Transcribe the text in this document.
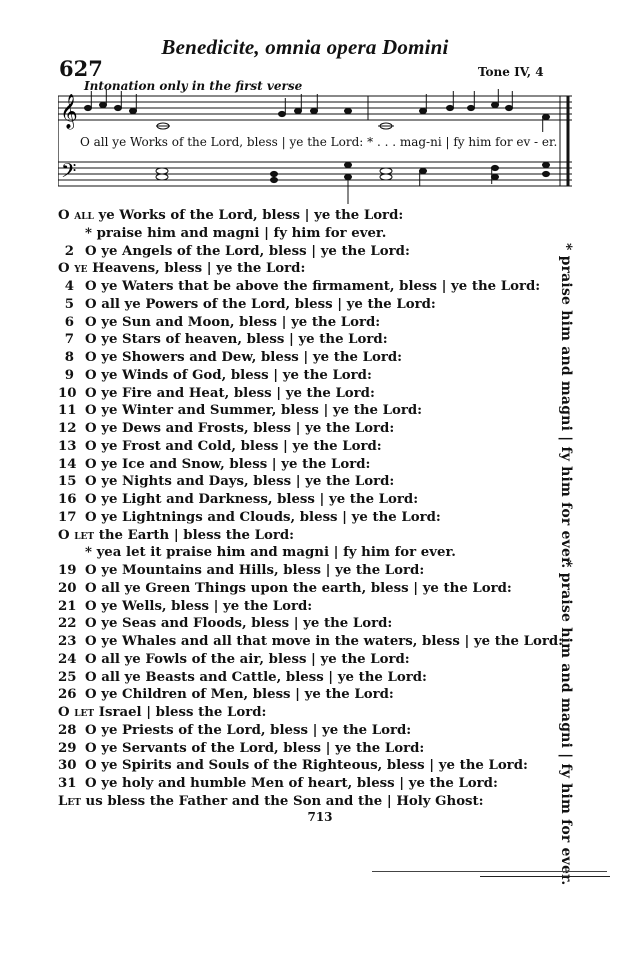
627
Benedicite, omnia opera Domini
Tone IV, 4
Intonation only in the first verse
𝄞
𝄢
O all ye Works of the Lord, bless | ye the Lord: * . . . mag-ni | fy him for ev - er.
O all ye Works of the Lord, bless | ye the Lord:
* praise him and magni | fy him for ever.
2 O ye Angels of the Lord, bless | ye the Lord:
O ye Heavens, bless | ye the Lord:
4 O ye Waters that be above the firmament, bless | ye the Lord:
5 O all ye Powers of the Lord, bless | ye the Lord:
6 O ye Sun and Moon, bless | ye the Lord:
7 O ye Stars of heaven, bless | ye the Lord:
8 O ye Showers and Dew, bless | ye the Lord:
9 O ye Winds of God, bless | ye the Lord:
10 O ye Fire and Heat, bless | ye the Lord:
11 O ye Winter and Summer, bless | ye the Lord:
12 O ye Dews and Frosts, bless | ye the Lord:
13 O ye Frost and Cold, bless | ye the Lord:
14 O ye Ice and Snow, bless | ye the Lord:
15 O ye Nights and Days, bless | ye the Lord:
16 O ye Light and Darkness, bless | ye the Lord:
17 O ye Lightnings and Clouds, bless | ye the Lord:
O let the Earth | bless the Lord:
* yea let it praise him and magni | fy him for ever.
19 O ye Mountains and Hills, bless | ye the Lord:
20 O all ye Green Things upon the earth, bless | ye the Lord:
21 O ye Wells, bless | ye the Lord:
22 O ye Seas and Floods, bless | ye the Lord:
23 O ye Whales and all that move in the waters, bless | ye the Lord:
24 O all ye Fowls of the air, bless | ye the Lord:
25 O all ye Beasts and Cattle, bless | ye the Lord:
26 O ye Children of Men, bless | ye the Lord:
O let Israel | bless the Lord:
28 O ye Priests of the Lord, bless | ye the Lord:
29 O ye Servants of the Lord, bless | ye the Lord:
30 O ye Spirits and Souls of the Righteous, bless | ye the Lord:
31 O ye holy and humble Men of heart, bless | ye the Lord:
Let us bless the Father and the Son and the | Holy Ghost:
* praise him and magni | fy him for ever.
* praise him and magni | fy him for ever.
713
